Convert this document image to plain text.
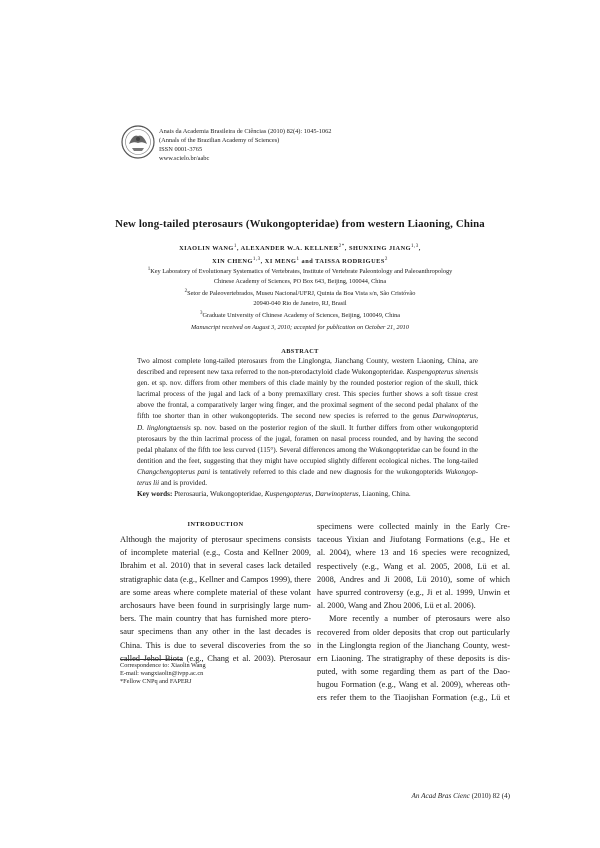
Anais da Academia Brasileira de Ciências (2010) 82(4): 1045-1062
(Annals of the Brazilian Academy of Sciences)
ISSN 0001-3765
www.scielo.br/aabc
New long-tailed pterosaurs (Wukongopteridae) from western Liaoning, China
XIAOLIN WANG$^1$, ALEXANDER W.A. $KELLNER^{2*}$, SHUNXING JIANG$^{1,3}$,
XIN CHENG$^{1,3}$, XI MENG$^1$ and TAISSA RODRIGUES$^2$
$^1$Key Laboratory of Evolutionary Systematics of Vertebrates, Institute of Vertebrate Paleontology and Paleoanthropology
Chinese Academy of Sciences, PO Box 643, Beijing, 100044, China
$^2$Setor de Paleovertebrados, Museu Nacional/UFRJ, Quinta da Boa Vista s/n, São Cristóvão
20940-040 Rio de Janeiro, RJ, Brasil
$^3$Graduate University of Chinese Academy of Sciences, Beijing, 100049, China
Manuscript received on August 3, 2010; accepted for publication on October 21, 2010
ABSTRACT
Two almost complete long-tailed pterosaurs from the Linglongta, Jianchang County, western Liaoning, China, are
described and represent new taxa referred to the non-pterodactyloid clade Wukongopteridae. Kuspengopterus sinensis
gen. et sp. nov. differs from other members of this clade mainly by the rounded posterior region of the skull, thick
lacrimal process of the jugal and lack of a bony premaxillary crest. This species further shows a soft tissue crest
above the frontal, a comparatively larger wing finger, and the proximal segment of the second pedal phalanx of the
fifth toe shorter than in other wukongopterids. The second new species is referred to the genus Darwinopterus,
D. linglongtaensis sp. nov. based on the posterior region of the skull. It further differs from other wukongopterid
pterosaurs by the thin lacrimal process of the jugal, foramen on nasal process rounded, and by having the second
pedal phalanx of the fifth toe less curved (115°). Several differences among the Wukongopteridae can be found in the
dentition and the feet, suggesting that they might have occupied slightly different ecological niches. The long-tailed
Changchengopterus pani is tentatively referred to this clade and new diagnosis for the wukongopterids Wukongop-
terus lii and is provided.
Key words: Pterosauria, Wukongopteridae, Kuspengopterus, Darwinopterus, Liaoning, China.
INTRODUCTION
Although the majority of pterosaur specimens consists
of incomplete material (e.g., Costa and Kellner 2009,
Ibrahim et al. 2010) that in several cases lack detailed
stratigraphic data (e.g., Kellner and Campos 1999), there
are some areas where complete material of these volant
archosaurs have been found in surprisingly large num-
bers. The main country that has furnished more ptero-
saur specimens than any other in the last decades is
China. This is due to several discoveries from the so
called Jehol Biota (e.g., Chang et al. 2003). Pterosaur
Correspondence to: Xiaolin Wang
E-mail: wangxiaolin@ivpp.ac.cn
*Fellow CNPq and FAPERJ
specimens were collected mainly in the Early Cre-
taceous Yixian and Jiufotang Formations (e.g., He et
al. 2004), where 13 and 16 species were recognized,
respectively (e.g., Wang et al. 2005, 2008, Lü et al.
2008, Andres and Ji 2008, Lü 2010), some of which
have spurred controversy (e.g., Ji et al. 1999, Unwin et
al. 2000, Wang and Zhou 2006, Lü et al. 2006).
More recently a number of pterosaurs were also
recovered from older deposits that crop out particularly
in the Linglongta region of the Jianchang County, west-
ern Liaoning. The stratigraphy of these deposits is dis-
puted, with some regarding them as part of the Dao-
hugou Formation (e.g., Wang et al. 2009), whereas oth-
ers refer them to the Tiaojishan Formation (e.g., Lü et
An Acad Bras Cienc (2010) 82 (4)
